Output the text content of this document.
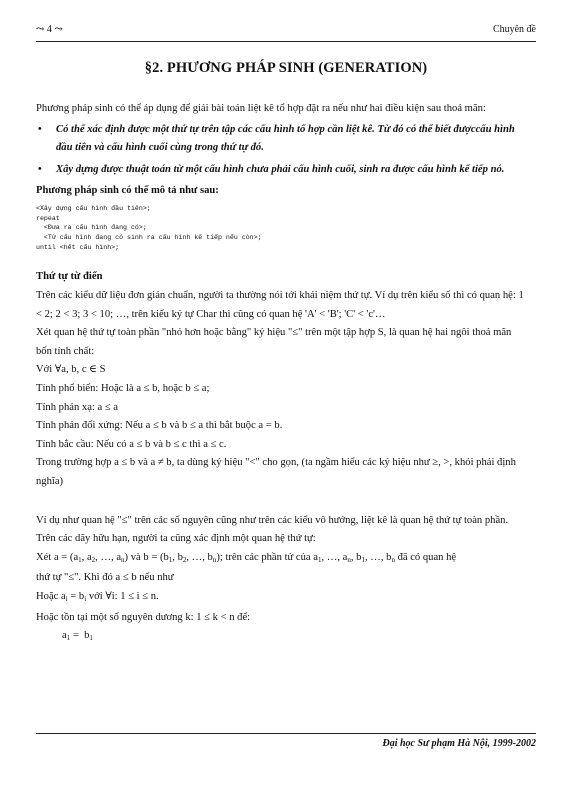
⤳ 4 ⤳	Chuyên đề
§2. PHƯƠNG PHÁP SINH (GENERATION)

Phương pháp sinh có thể áp dụng để giải bài toán liệt kê tổ hợp đặt ra nếu như hai điều kiện sau thoả mãn:

• Có thể xác định được một thứ tự trên tập các cấu hình tổ hợp cần liệt kê. Từ đó có thể biết đượccấu hình đầu tiên và cấu hình cuối cùng trong thứ tự đó.
• Xây dựng được thuật toán từ một cấu hình chưa phải cấu hình cuối, sinh ra được cấu hình kế tiếp nó.

Phương pháp sinh có thể mô tả như sau:

<Xây dựng cấu hình đầu tiên>;
repeat
<Đưa ra cấu hình đang có>;
<Từ cấu hình đang có sinh ra cấu hình kế tiếp nếu còn>;
until <hết cấu hình>;

Thứ tự từ điển

Trên các kiểu dữ liệu đơn giản chuẩn, người ta thường nói tới khái niệm thứ tự. Ví dụ trên kiểu số thì có quan hệ: 1 < 2; 2 < 3; 3 < 10; …, trên kiểu ký tự Char thì cũng có quan hệ 'A' < 'B'; 'C' < 'c'…

Xét quan hệ thứ tự toàn phần "nhỏ hơn hoặc bằng" ký hiệu "≤" trên một tập hợp S, là quan hệ hai ngôi thoả mãn bốn tính chất:

Với ∀a, b, c ∈ S

Tính phổ biến: Hoặc là a ≤ b, hoặc b ≤ a;

Tính phản xạ: a ≤ a

Tính phản đối xứng: Nếu a ≤ b và b ≤ a thì bắt buộc a = b.

Tính bắc cầu: Nếu có a ≤ b và b ≤ c thì a ≤ c.

Trong trường hợp a ≤ b và a ≠ b, ta dùng ký hiệu "<" cho gọn, (ta ngầm hiểu các ký hiệu như ≥, >, khỏi phải định nghĩa)

Ví dụ như quan hệ "≤" trên các số nguyên cũng như trên các kiểu vô hướng, liệt kê là quan hệ thứ tự toàn phần.

Trên các dãy hữu hạn, người ta cũng xác định một quan hệ thứ tự:

Xét $a = (a_1$, $a_2$, …, $a_n$) và $b = (b_1$, $b_2$, …, $b_n$); trên các phần tử của $a_1$, …, $a_n$, $b_1$, …, $b_n$ đã có quan hệ

thứ tự "≤". Khi đó a ≤ b nếu như

Hoặc $a_i = b_i$ với ∀i: 1 ≤ i ≤ n.

Hoặc tồn tại một số nguyên dương k: 1 ≤ k < n để:

$a_1 = b_1$

Đại học Sư phạm Hà Nội, 1999-2002
